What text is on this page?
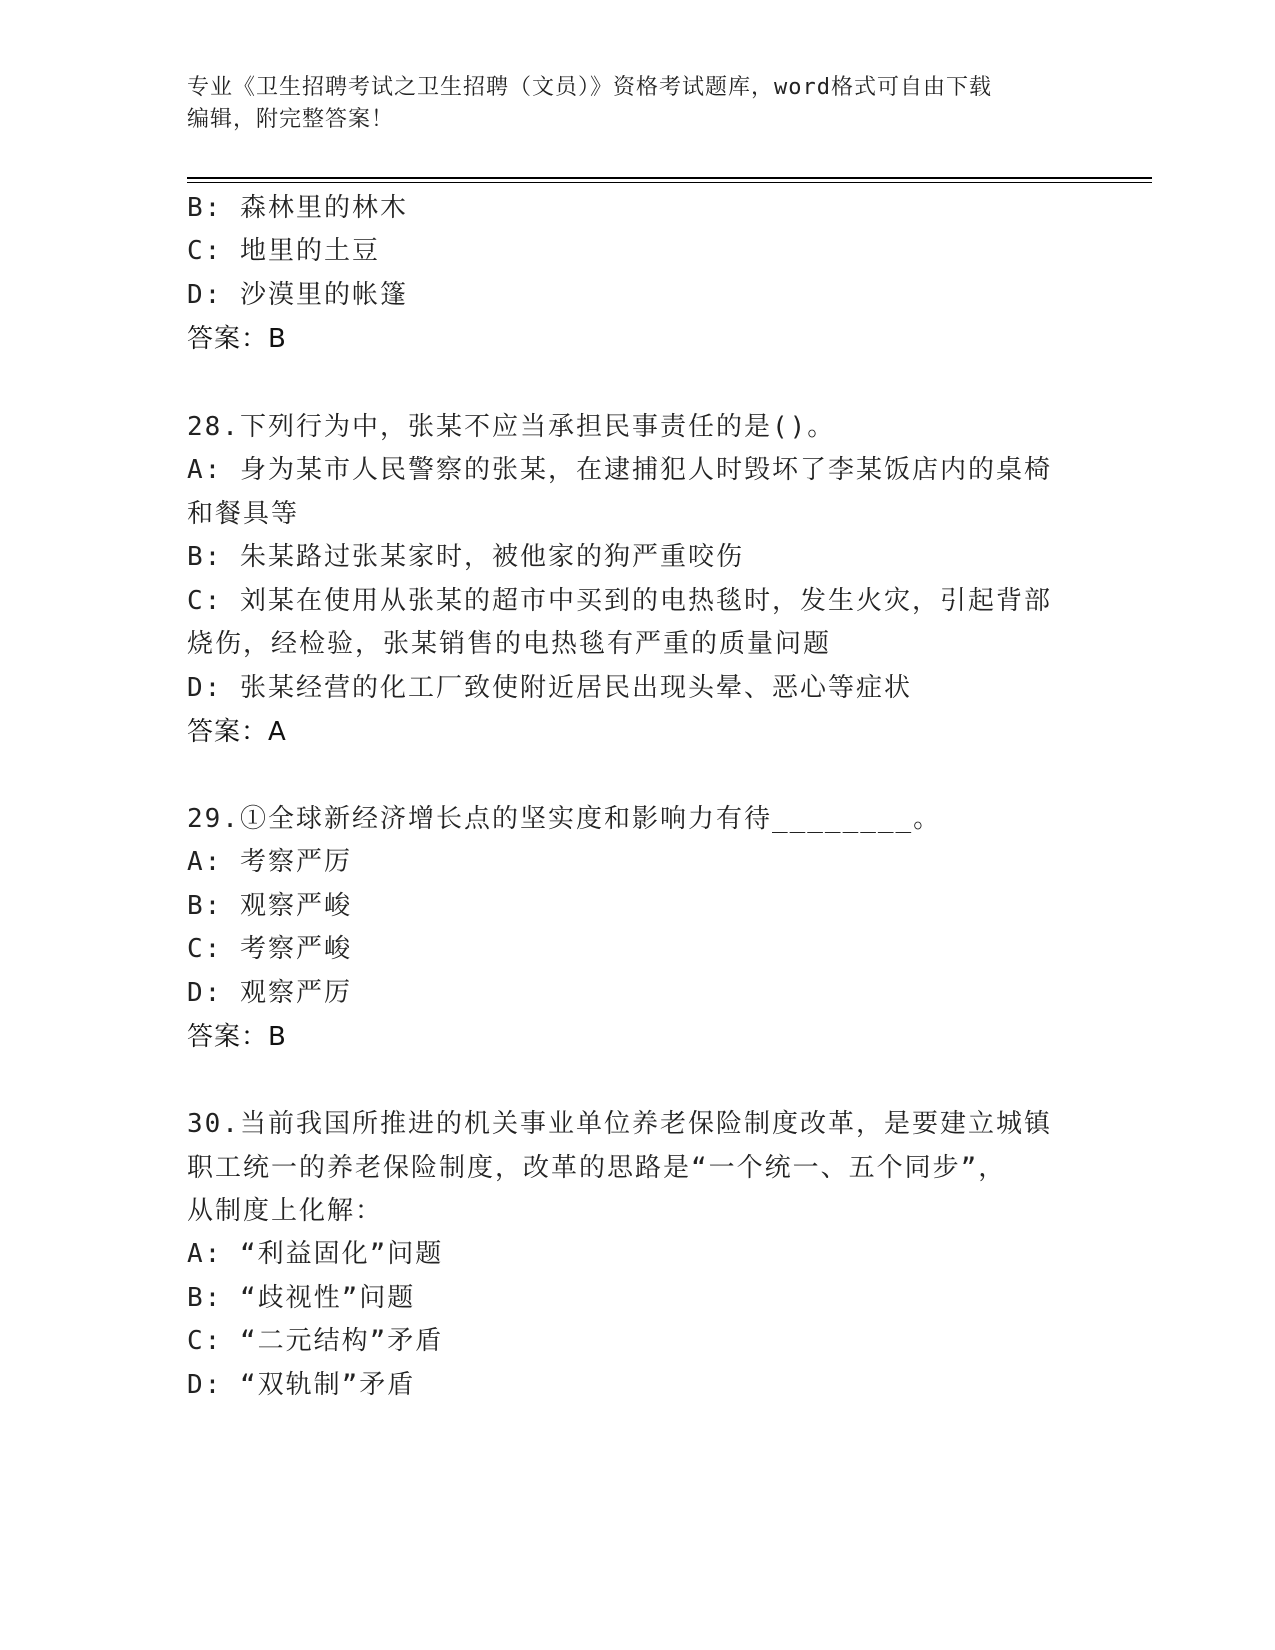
专业《卫生招聘考试之卫生招聘（文员）》资格考试题库，word格式可自由下载
编辑，附完整答案！
B: 森林里的林木
C: 地里的土豆
D: 沙漠里的帐篷
答案：B
28.下列行为中，张某不应当承担民事责任的是()。
A: 身为某市人民警察的张某，在逮捕犯人时毁坏了李某饭店内的桌椅
和餐具等
B: 朱某路过张某家时，被他家的狗严重咬伤
C: 刘某在使用从张某的超市中买到的电热毯时，发生火灾，引起背部
烧伤，经检验，张某销售的电热毯有严重的质量问题
D: 张某经营的化工厂致使附近居民出现头晕、恶心等症状
答案：A
29.①全球新经济增长点的坚实度和影响力有待________。
A: 考察严厉
B: 观察严峻
C: 考察严峻
D: 观察严厉
答案：B
30.当前我国所推进的机关事业单位养老保险制度改革，是要建立城镇
职工统一的养老保险制度，改革的思路是“一个统一、五个同步”，
从制度上化解：
A: “利益固化”问题
B: “歧视性”问题
C: “二元结构”矛盾
D: “双轨制”矛盾
